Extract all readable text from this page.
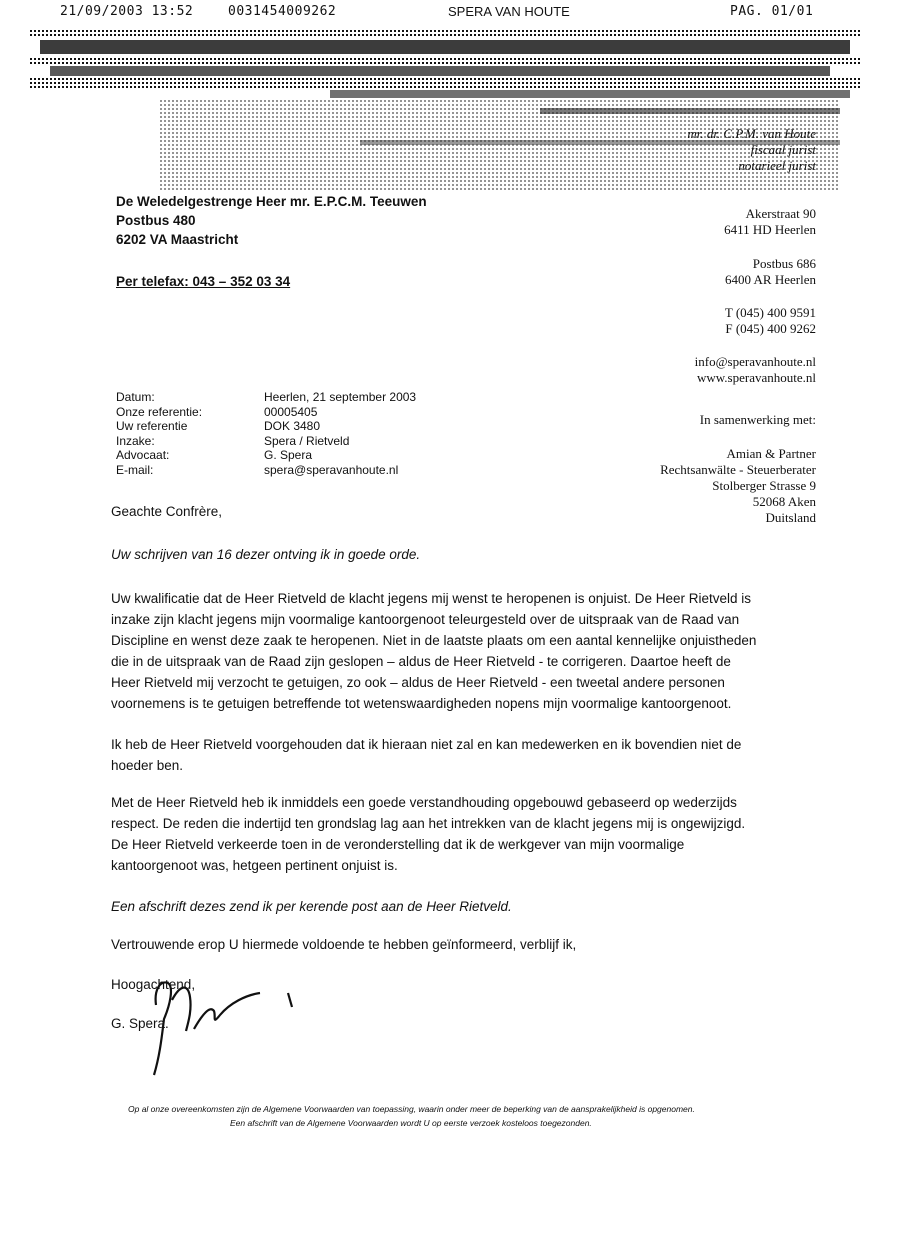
21/09/2003 13:52	0031454009262	SPERA VAN HOUTE	PAG. 01/01
mr. dr. C.P.M. van Houte
fiscaal jurist
notarieel jurist
De Weledelgestrenge Heer mr. E.P.C.M. Teeuwen
Postbus 480
6202 VA Maastricht
Per telefax: 043 – 352 03 34
Akerstraat 90
6411 HD Heerlen
Postbus 686
6400 AR Heerlen
T (045) 400 9591
F (045) 400 9262
info@speravanhoute.nl
www.speravanhoute.nl
In samenwerking met:
Amian & Partner
Rechtsanwälte - Steuerberater
Stolberger Strasse 9
52068 Aken
Duitsland
Datum:	Heerlen, 21 september 2003
Onze referentie:	00005405
Uw referentie	DOK 3480
Inzake:	Spera / Rietveld
Advocaat:	G. Spera
E-mail:	spera@speravanhoute.nl
Geachte Confrère,
Uw schrijven van 16 dezer ontving ik in goede orde.

Uw kwalificatie dat de Heer Rietveld de klacht jegens mij wenst te heropenen is onjuist. De Heer Rietveld is

inzake zijn klacht jegens mijn voormalige kantoorgenoot teleurgesteld over de uitspraak van de Raad van

Discipline en wenst deze zaak te heropenen. Niet in de laatste plaats om een aantal kennelijke onjuistheden

die in de uitspraak van de Raad zijn geslopen – aldus de Heer Rietveld - te corrigeren. Daartoe heeft de

Heer Rietveld mij verzocht te getuigen, zo ook – aldus de Heer Rietveld - een tweetal andere personen

voornemens is te getuigen betreffende tot wetenswaardigheden nopens mijn voormalige kantoorgenoot.

Ik heb de Heer Rietveld voorgehouden dat ik hieraan niet zal en kan medewerken en ik bovendien niet de

hoeder ben.

Met de Heer Rietveld heb ik inmiddels een goede verstandhouding opgebouwd gebaseerd op wederzijds

respect. De reden die indertijd ten grondslag lag aan het intrekken van de klacht jegens mij is ongewijzigd.

De Heer Rietveld verkeerde toen in de veronderstelling dat ik de werkgever van mijn voormalige

kantoorgenoot was, hetgeen pertinent onjuist is.

Een afschrift dezes zend ik per kerende post aan de Heer Rietveld.
Vertrouwende erop U hiermede voldoende te hebben geïnformeerd, verblijf ik,
Hoogachtend,
G. Spera.
Op al onze overeenkomsten zijn de Algemene Voorwaarden van toepassing, waarin onder meer de beperking van de aansprakelijkheid is opgenomen.
Een afschrift van de Algemene Voorwaarden wordt U op eerste verzoek kosteloos toegezonden.
